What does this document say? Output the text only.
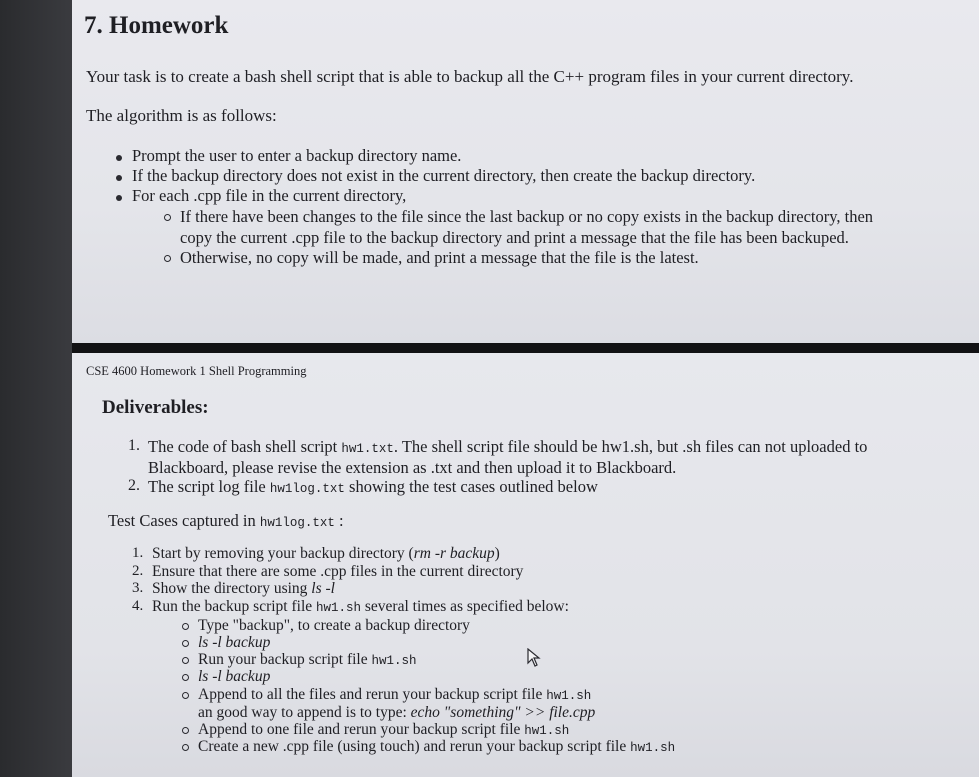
7. Homework
Your task is to create a bash shell script that is able to backup all the C++ program files in your current directory.
The algorithm is as follows:
Prompt the user to enter a backup directory name.
If the backup directory does not exist in the current directory, then create the backup directory.
For each .cpp file in the current directory,
If there have been changes to the file since the last backup or no copy exists in the backup directory, then
copy the current .cpp file to the backup directory and print a message that the file has been backuped.
Otherwise, no copy will be made, and print a message that the file is the latest.
CSE 4600 Homework 1 Shell Programming
Deliverables:
1. The code of bash shell script hw1.txt. The shell script file should be hw1.sh, but .sh files can not uploaded to
Blackboard, please revise the extension as .txt and then upload it to Blackboard.
2. The script log file hw1log.txt showing the test cases outlined below
Test Cases captured in hw1log.txt :
1. Start by removing your backup directory (rm -r backup)
2. Ensure that there are some .cpp files in the current directory
3. Show the directory using ls -l
4. Run the backup script file hw1.sh several times as specified below:
Type "backup", to create a backup directory
ls -l backup
Run your backup script file hw1.sh
ls -l backup
Append to all the files and rerun your backup script file hw1.sh
an good way to append is to type: echo "something" >> file.cpp
Append to one file and rerun your backup script file hw1.sh
Create a new .cpp file (using touch) and rerun your backup script file hw1.sh
